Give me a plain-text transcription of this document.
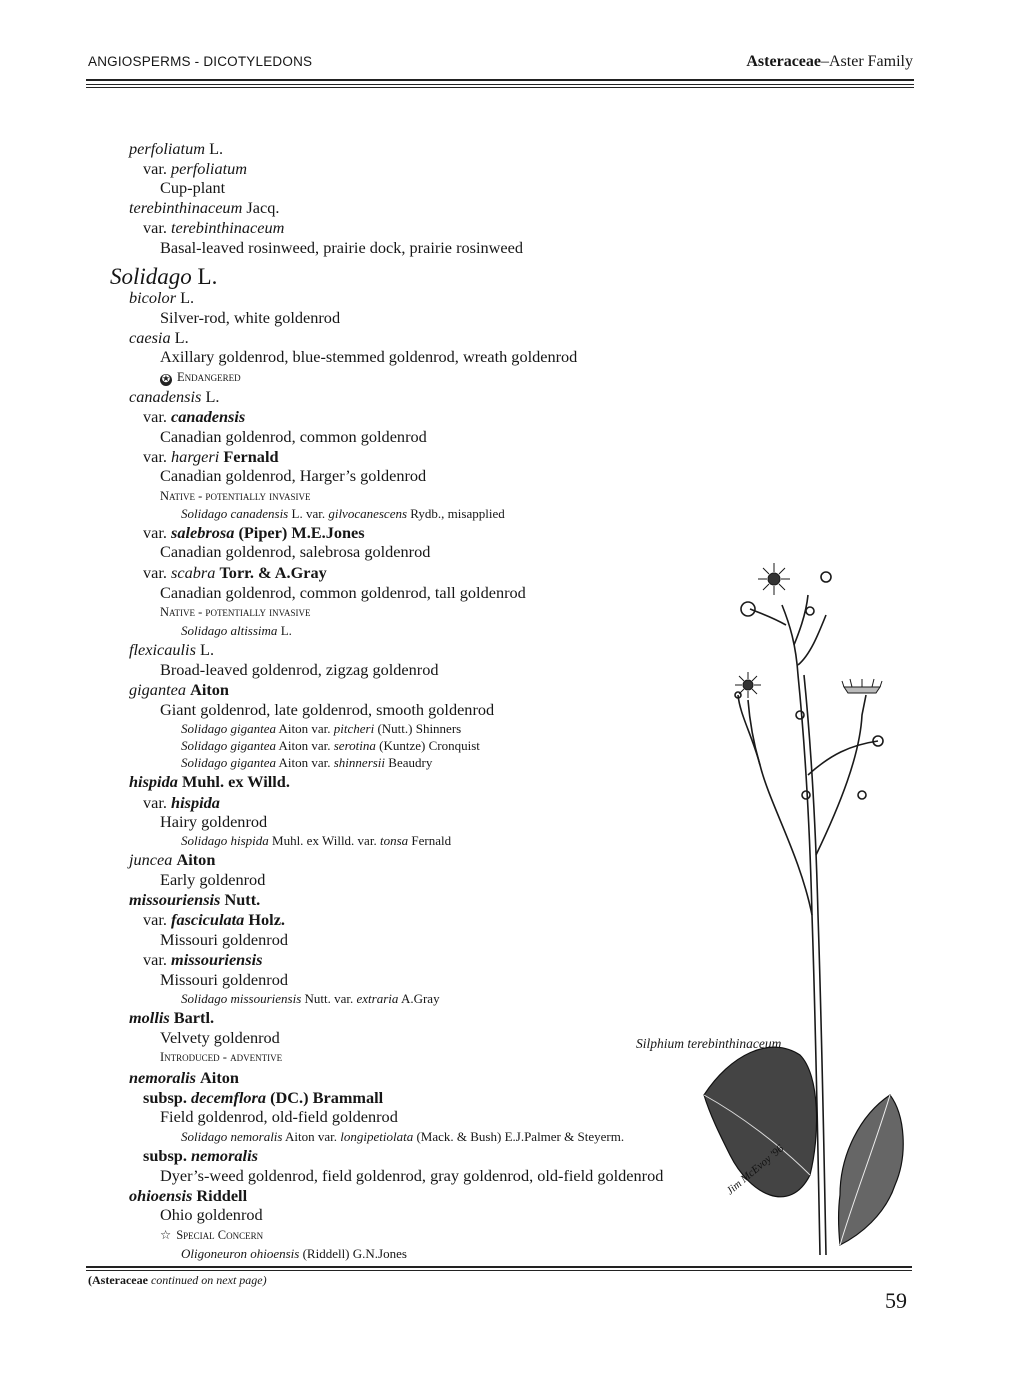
ANGIOSPERMS - DICOTYLEDONS	Asteraceae–Aster Family
perfoliatum L.
var. perfoliatum
Cup-plant
terebinthinaceum Jacq.
var. terebinthinaceum
Basal-leaved rosinweed, prairie dock, prairie rosinweed
Solidago L.
bicolor L.
Silver-rod, white goldenrod
caesia L.
Axillary goldenrod, blue-stemmed goldenrod, wreath goldenrod
✪ Endangered
canadensis L.
var. canadensis
Canadian goldenrod, common goldenrod
var. hargeri Fernald
Canadian goldenrod, Harger’s goldenrod
Native - potentially invasive
Solidago canadensis L. var. gilvocanescens Rydb., misapplied
var. salebrosa (Piper) M.E.Jones
Canadian goldenrod, salebrosa goldenrod
var. scabra Torr. & A.Gray
Canadian goldenrod, common goldenrod, tall goldenrod
Native - potentially invasive
Solidago altissima L.
flexicaulis L.
Broad-leaved goldenrod, zigzag goldenrod
gigantea Aiton
Giant goldenrod, late goldenrod, smooth goldenrod
Solidago gigantea Aiton var. pitcheri (Nutt.) Shinners
Solidago gigantea Aiton var. serotina (Kuntze) Cronquist
Solidago gigantea Aiton var. shinnersii Beaudry
hispida Muhl. ex Willd.
var. hispida
Hairy goldenrod
Solidago hispida Muhl. ex Willd. var. tonsa Fernald
juncea Aiton
Early goldenrod
missouriensis Nutt.
var. fasciculata Holz.
Missouri goldenrod
var. missouriensis
Missouri goldenrod
Solidago missouriensis Nutt. var. extraria A.Gray
mollis Bartl.
Velvety goldenrod
Introduced - adventive
nemoralis Aiton
subsp. decemflora (DC.) Brammall
Field goldenrod, old-field goldenrod
Solidago nemoralis Aiton var. longipetiolata (Mack. & Bush) E.J.Palmer & Steyerm.
subsp. nemoralis
Dyer’s-weed goldenrod, field goldenrod, gray goldenrod, old-field goldenrod
ohioensis Riddell
Ohio goldenrod
☆ Special Concern
Oligoneuron ohioensis (Riddell) G.N.Jones
Jim McEvoy '96
Silphium terebinthinaceum
(Asteraceae continued on next page)
59
